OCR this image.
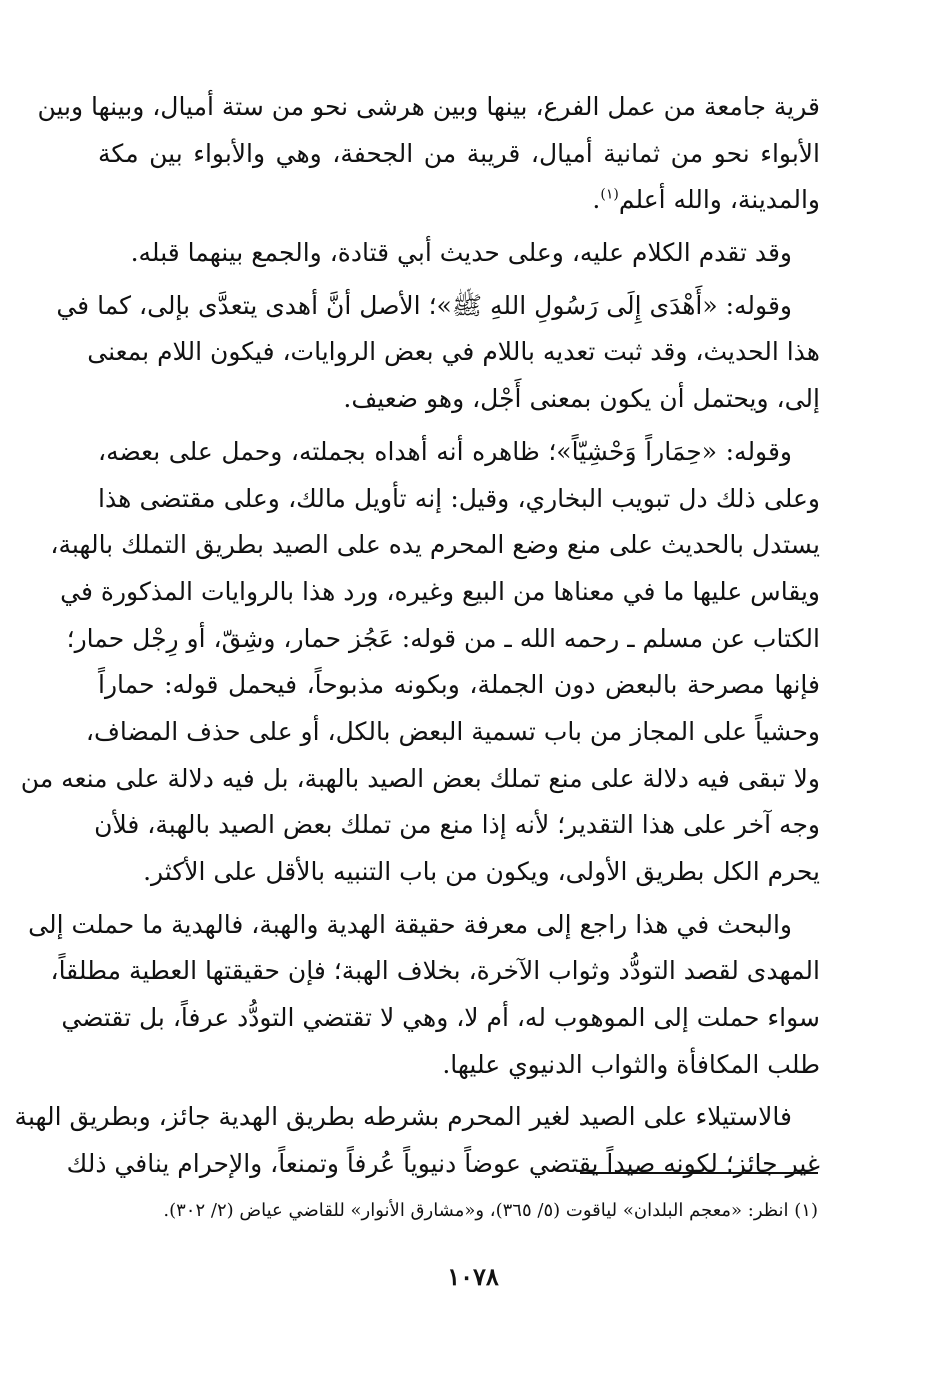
قرية جامعة من عمل الفرع، بينها وبين هرشى نحو من ستة أميال، وبينها وبين
الأبواء نحو من ثمانية أميال، قريبة من الجحفة، وهي والأبواء بين مكة
والمدينة، والله أعلم$^{(١)}$.
وقد تقدم الكلام عليه، وعلى حديث أبي قتادة، والجمع بينهما قبله.
وقوله: «أَهْدَى إِلَى رَسُولِ اللهِ ﷺ»؛ الأصل أنَّ أهدى يتعدَّى بإلى، كما في
هذا الحديث، وقد ثبت تعديه باللام في بعض الروايات، فيكون اللام بمعنى
إلى، ويحتمل أن يكون بمعنى أَجْل، وهو ضعيف.
وقوله: «حِمَاراً وَحْشِيّاً»؛ ظاهره أنه أهداه بجملته، وحمل على بعضه،
وعلى ذلك دل تبويب البخاري، وقيل: إنه تأويل مالك، وعلى مقتضى هذا
يستدل بالحديث على منع وضع المحرم يده على الصيد بطريق التملك بالهبة،
ويقاس عليها ما في معناها من البيع وغيره، ورد هذا بالروايات المذكورة في
الكتاب عن مسلم ـ رحمه الله ـ من قوله: عَجُز حمار، وشِقّ، أو رِجْل حمار؛
فإنها مصرحة بالبعض دون الجملة، وبكونه مذبوحاً، فيحمل قوله: حماراً
وحشياً على المجاز من باب تسمية البعض بالكل، أو على حذف المضاف،
ولا تبقى فيه دلالة على منع تملك بعض الصيد بالهبة، بل فيه دلالة على منعه من
وجه آخر على هذا التقدير؛ لأنه إذا منع من تملك بعض الصيد بالهبة، فلأن
يحرم الكل بطريق الأولى، ويكون من باب التنبيه بالأقل على الأكثر.
والبحث في هذا راجع إلى معرفة حقيقة الهدية والهبة، فالهدية ما حملت إلى
المهدى لقصد التودُّد وثواب الآخرة، بخلاف الهبة؛ فإن حقيقتها العطية مطلقاً،
سواء حملت إلى الموهوب له، أم لا، وهي لا تقتضي التودُّد عرفاً، بل تقتضي
طلب المكافأة والثواب الدنيوي عليها.
فالاستيلاء على الصيد لغير المحرم بشرطه بطريق الهدية جائز، وبطريق الهبة
غير جائز؛ لكونه صيداً يقتضي عوضاً دنيوياً عُرفاً وتمنعاً، والإحرام ينافي ذلك
(١) انظر: «معجم البلدان» لياقوت (٥/ ٣٦٥)، و«مشارق الأنوار» للقاضي عياض (٢/ ٣٠٢).
١٠٧٨
